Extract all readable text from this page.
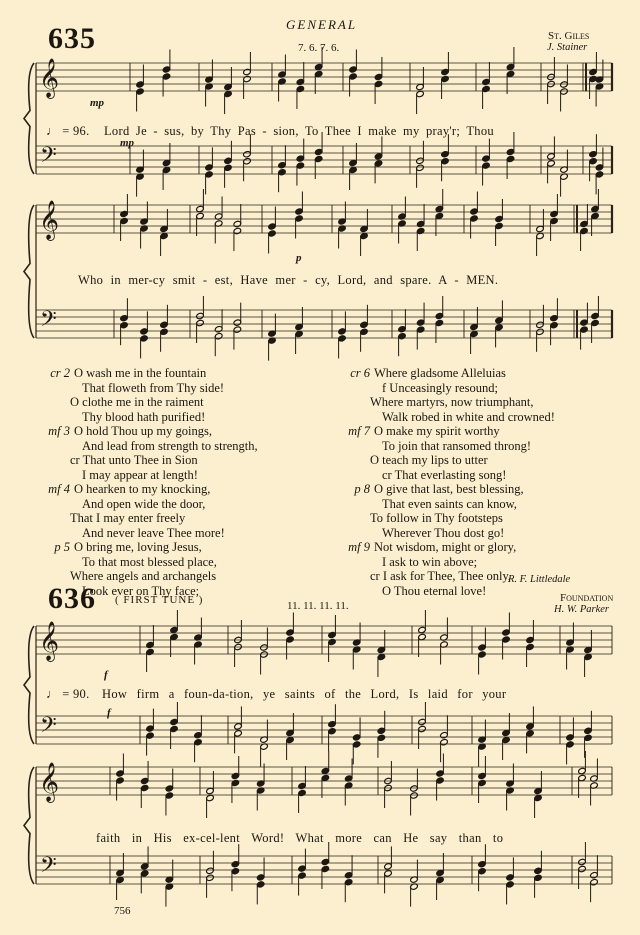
635	GENERAL
7. 6. 7. 6.
St. Giles
J. Stainer
𝄞
𝄢
𝄞
𝄢
𝄞
𝄢
𝄞
𝄢
mp
♩ = 96. Lord Je - sus, by Thy Pas - sion, To Thee I make my pray'r; Thou
mp
Who in mer-cy smit - est, Have mer - cy, Lord, and spare. A - MEN.
p
cr 2 O wash me in the fountain
That floweth from Thy side!
O clothe me in the raiment
Thy blood hath purified!
mf 3 O hold Thou up my goings,
And lead from strength to strength,
cr That unto Thee in Sion
I may appear at length!
mf 4 O hearken to my knocking,
And open wide the door,
That I may enter freely
And never leave Thee more!
p 5 O bring me, loving Jesus,
To that most blessed place,
Where angels and archangels
Look ever on Thy face;
cr 6 Where gladsome Alleluias
f Unceasingly resound;
Where martyrs, now triumphant,
Walk robed in white and crowned!
mf 7 O make my spirit worthy
To join that ransomed throng!
O teach my lips to utter
cr That everlasting song!
p 8 O give that last, best blessing,
That even saints can know,
To follow in Thy footsteps
Wherever Thou dost go!
mf 9 Not wisdom, might or glory,
I ask to win above;
cr I ask for Thee, Thee only,
O Thou eternal love!
R. F. Littledale
636 ( FIRST TUNE )	11. 11. 11. 11.
Foundation
H. W. Parker
f
♩ = 90. How firm a foun-da-tion, ye saints of the Lord, Is laid for your
f
faith in His ex-cel-lent Word! What more can He say than to
756
